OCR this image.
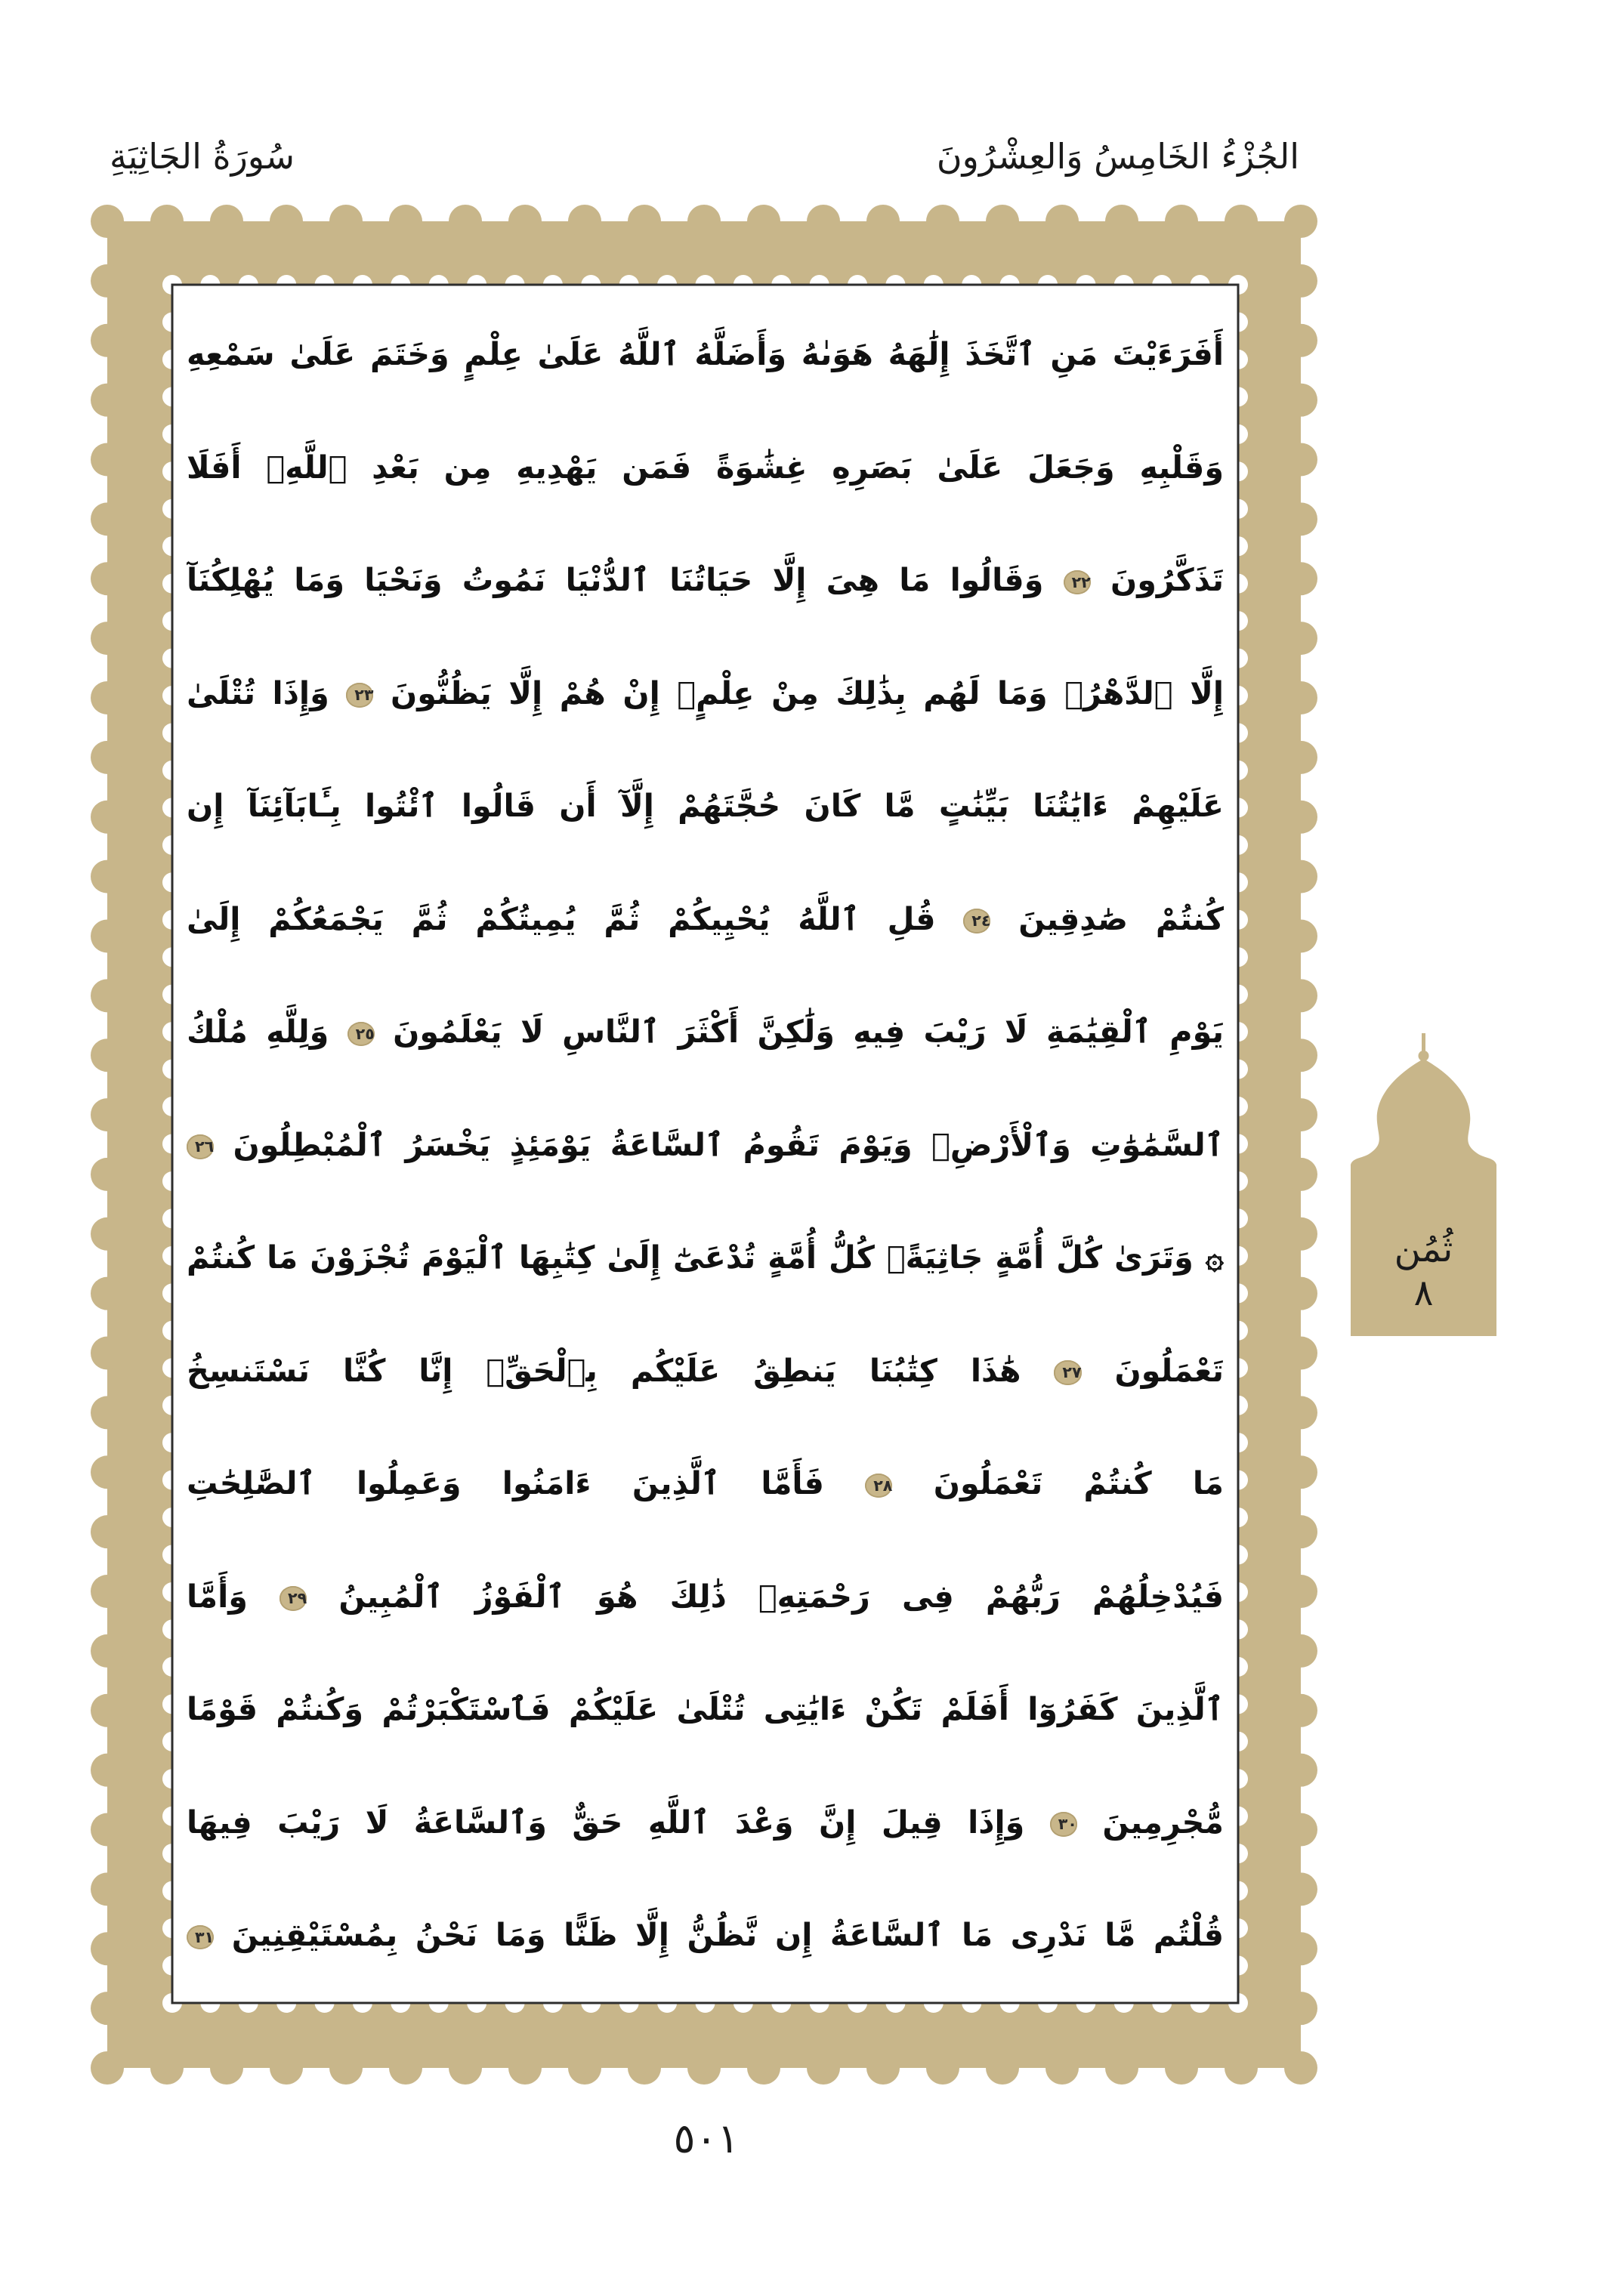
سُورَةُ الجَاثِيَةِ	الجُزْءُ الخَامِسُ وَالعِشْرُونَ
أَفَرَءَيْتَ مَنِ ٱتَّخَذَ إِلَٰهَهُ هَوَىٰهُ وَأَضَلَّهُ ٱللَّهُ عَلَىٰ عِلْمٍ وَخَتَمَ عَلَىٰ سَمْعِهِ
وَقَلْبِهِ وَجَعَلَ عَلَىٰ بَصَرِهِ غِشَٰوَةً فَمَن يَهْدِيهِ مِن بَعْدِ ٱللَّهِۚ أَفَلَا
تَذَكَّرُونَ ٢٢ وَقَالُوا مَا هِىَ إِلَّا حَيَاتُنَا ٱلدُّنْيَا نَمُوتُ وَنَحْيَا وَمَا يُهْلِكُنَآ
إِلَّا ٱلدَّهْرُۚ وَمَا لَهُم بِذَٰلِكَ مِنْ عِلْمٍۖ إِنْ هُمْ إِلَّا يَظُنُّونَ ٢٣ وَإِذَا تُتْلَىٰ
عَلَيْهِمْ ءَايَٰتُنَا بَيِّنَٰتٍ مَّا كَانَ حُجَّتَهُمْ إِلَّآ أَن قَالُوا ٱئْتُوا بِـَٔابَآئِنَآ إِن
كُنتُمْ صَٰدِقِينَ ٢٤ قُلِ ٱللَّهُ يُحْيِيكُمْ ثُمَّ يُمِيتُكُمْ ثُمَّ يَجْمَعُكُمْ إِلَىٰ
يَوْمِ ٱلْقِيَٰمَةِ لَا رَيْبَ فِيهِ وَلَٰكِنَّ أَكْثَرَ ٱلنَّاسِ لَا يَعْلَمُونَ ٢٥ وَلِلَّهِ مُلْكُ
ٱلسَّمَٰوَٰتِ وَٱلْأَرْضِۚ وَيَوْمَ تَقُومُ ٱلسَّاعَةُ يَوْمَئِذٍ يَخْسَرُ ٱلْمُبْطِلُونَ ٢٦
۞ وَتَرَىٰ كُلَّ أُمَّةٍ جَاثِيَةًۚ كُلُّ أُمَّةٍ تُدْعَىٰٓ إِلَىٰ كِتَٰبِهَا ٱلْيَوْمَ تُجْزَوْنَ مَا كُنتُمْ
تَعْمَلُونَ ٢٧ هَٰذَا كِتَٰبُنَا يَنطِقُ عَلَيْكُم بِٱلْحَقِّۚ إِنَّا كُنَّا نَسْتَنسِخُ
مَا كُنتُمْ تَعْمَلُونَ ٢٨ فَأَمَّا ٱلَّذِينَ ءَامَنُوا وَعَمِلُوا ٱلصَّٰلِحَٰتِ
فَيُدْخِلُهُمْ رَبُّهُمْ فِى رَحْمَتِهِۚ ذَٰلِكَ هُوَ ٱلْفَوْزُ ٱلْمُبِينُ ٢٩ وَأَمَّا
ٱلَّذِينَ كَفَرُوٓا أَفَلَمْ تَكُنْ ءَايَٰتِى تُتْلَىٰ عَلَيْكُمْ فَٱسْتَكْبَرْتُمْ وَكُنتُمْ قَوْمًا
مُّجْرِمِينَ ٣٠ وَإِذَا قِيلَ إِنَّ وَعْدَ ٱللَّهِ حَقٌّ وَٱلسَّاعَةُ لَا رَيْبَ فِيهَا
قُلْتُم مَّا نَدْرِى مَا ٱلسَّاعَةُ إِن نَّظُنُّ إِلَّا ظَنًّا وَمَا نَحْنُ بِمُسْتَيْقِنِينَ ٣١
ثُمُن
٨
٥٠١
